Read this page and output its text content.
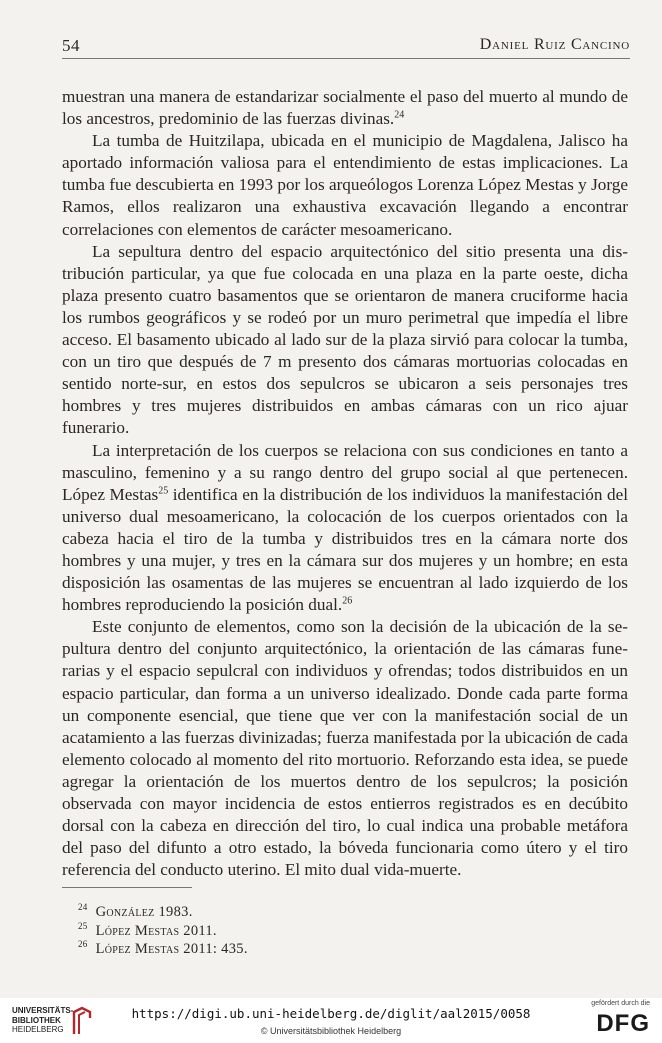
54	Daniel Ruiz Cancino

muestran una manera de estandarizar socialmente el paso del muerto al mundo de los ancestros, predominio de las fuerzas divinas.$^{24}$

La tumba de Huitzilapa, ubicada en el municipio de Magdalena, Jalisco ha aportado información valiosa para el entendimiento de estas implicaciones. La tumba fue descubierta en 1993 por los arqueólogos Lorenza López Mestas y Jorge Ramos, ellos realizaron una exhaustiva excavación llegando a encontrar correlaciones con elementos de carácter mesoamericano.

La sepultura dentro del espacio arquitectónico del sitio presenta una distribución particular, ya que fue colocada en una plaza en la parte oeste, dicha plaza presento cuatro basamentos que se orientaron de manera cruciforme hacia los rumbos geográficos y se rodeó por un muro perimetral que impedía el libre acceso. El basamento ubicado al lado sur de la plaza sirvió para colocar la tumba, con un tiro que después de 7 m presento dos cámaras mortuorias colocadas en sentido norte-sur, en estos dos sepulcros se ubicaron a seis personajes tres hombres y tres mujeres distribuidos en ambas cámaras con un rico ajuar funerario.

La interpretación de los cuerpos se relaciona con sus condiciones en tanto a masculino, femenino y a su rango dentro del grupo social al que pertenecen. López Mestas$^{25}$ identifica en la distribución de los individuos la manifestación del universo dual mesoamericano, la colocación de los cuerpos orientados con la cabeza hacia el tiro de la tumba y distribuidos tres en la cámara norte dos hombres y una mujer, y tres en la cámara sur dos mujeres y un hombre; en esta disposición las osamentas de las mujeres se encuentran al lado izquierdo de los hombres reproduciendo la posición dual.$^{26}$

Este conjunto de elementos, como son la decisión de la ubicación de la sepultura dentro del conjunto arquitectónico, la orientación de las cámaras funerarias y el espacio sepulcral con individuos y ofrendas; todos distribuidos en un espacio particular, dan forma a un universo idealizado. Donde cada parte forma un componente esencial, que tiene que ver con la manifestación social de un acatamiento a las fuerzas divinizadas; fuerza manifestada por la ubicación de cada elemento colocado al momento del rito mortuorio. Reforzando esta idea, se puede agregar la orientación de los muertos dentro de los sepulcros; la posición observada con mayor incidencia de estos entierros registrados es en decúbito dorsal con la cabeza en dirección del tiro, lo cual indica una probable metáfora del paso del difunto a otro estado, la bóveda funcionaria como útero y el tiro referencia del conducto uterino. El mito dual vida-muerte.

$^{24}$ González 1983.
$^{25}$ López Mestas 2011.
$^{26}$ López Mestas 2011: 435.
UNIVERSITÄTS-
BIBLIOTHEK
HEIDELBERG
https://digi.ub.uni-heidelberg.de/diglit/aal2015/0058
© Universitätsbibliothek Heidelberg
gefördert durch die
DFG
